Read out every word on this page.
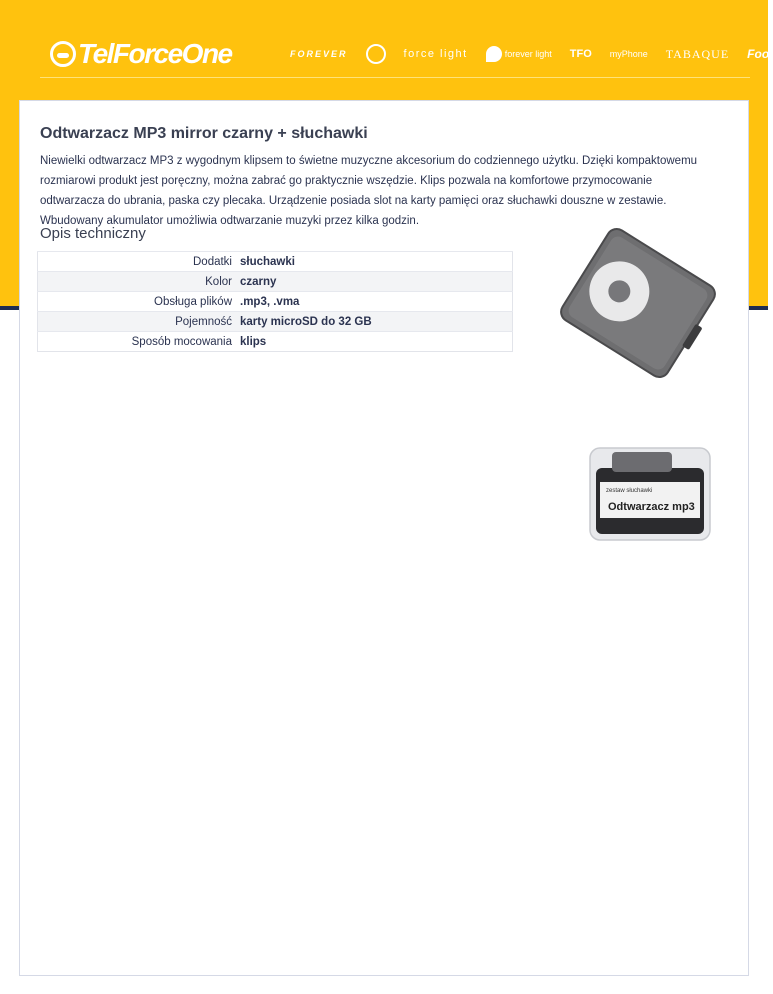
TelForceOne	FOREVER	force light	forever light TFO myPhone TABAQUE Foof
Odtwarzacz MP3 mirror czarny + słuchawki

Niewielki odtwarzacz MP3 z wygodnym klipsem to świetne muzyczne akcesorium do codziennego użytku. Dzięki kompaktowemu rozmiarowi produkt jest poręczny, można zabrać go praktycznie wszędzie. Klips pozwala na komfortowe przymocowanie odtwarzacza do ubrania, paska czy plecaka. Urządzenie posiada slot na karty pamięci oraz słuchawki douszne w zestawie. Wbudowany akumulator umożliwia odtwarzanie muzyki przez kilka godzin.

Opis techniczny
Dodatki	słuchawki
Kolor	czarny
Obsługa plików	.mp3, .vma
Pojemność	karty microSD do 32 GB
Sposób mocowania	klips
zestaw słuchawki
Odtwarzacz mp3
